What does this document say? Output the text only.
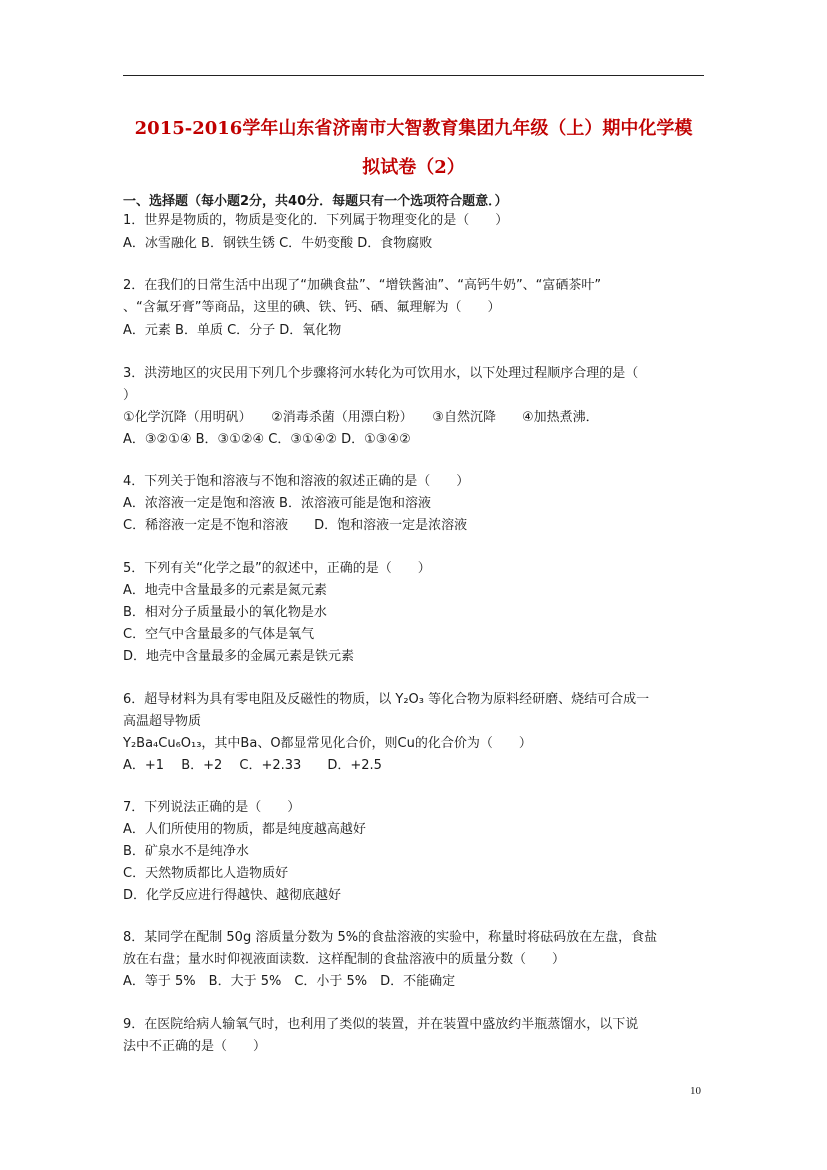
2015-2016学年山东省济南市大智教育集团九年级（上）期中化学模
拟试卷（2）
一、选择题（每小题2分，共40分．每题只有一个选项符合题意．）
1．世界是物质的，物质是变化的．下列属于物理变化的是（　　）
A．冰雪融化 B．钢铁生锈 C．牛奶变酸 D．食物腐败
2．在我们的日常生活中出现了“加碘食盐”、“增铁酱油”、“高钙牛奶”、“富硒茶叶”
、“含氟牙膏”等商品，这里的碘、铁、钙、硒、氟理解为（　　）
A．元素 B．单质 C．分子 D．氧化物
3．洪涝地区的灾民用下列几个步骤将河水转化为可饮用水，以下处理过程顺序合理的是（
）
①化学沉降（用明矾）　　②消毒杀菌（用漂白粉）　　③自然沉降　　④加热煮沸．
A．③②①④ B．③①②④ C．③①④② D．①③④②
4．下列关于饱和溶液与不饱和溶液的叙述正确的是（　　）
A．浓溶液一定是饱和溶液 B．浓溶液可能是饱和溶液
C．稀溶液一定是不饱和溶液　　D．饱和溶液一定是浓溶液
5．下列有关“化学之最”的叙述中，正确的是（　　）
A．地壳中含量最多的元素是氮元素
B．相对分子质量最小的氧化物是水
C．空气中含量最多的气体是氧气
D．地壳中含量最多的金属元素是铁元素
6．超导材料为具有零电阻及反磁性的物质，以 Y₂O₃ 等化合物为原料经研磨、烧结可合成一
高温超导物质
Y₂Ba₄Cu₆O₁₃，其中Ba、O都显常见化合价，则Cu的化合价为（　　）
A．+1　 B．+2　 C．+2.33　　D．+2.5
7．下列说法正确的是（　　）
A．人们所使用的物质，都是纯度越高越好
B．矿泉水不是纯净水
C．天然物质都比人造物质好
D．化学反应进行得越快、越彻底越好
8．某同学在配制 50g 溶质量分数为 5%的食盐溶液的实验中，称量时将砝码放在左盘，食盐
放在右盘；量水时仰视液面读数．这样配制的食盐溶液中的质量分数（　　）
A．等于 5%　B．大于 5%　C．小于 5%　D．不能确定
9．在医院给病人输氧气时，也利用了类似的装置，并在装置中盛放约半瓶蒸馏水，以下说
法中不正确的是（　　）
10
